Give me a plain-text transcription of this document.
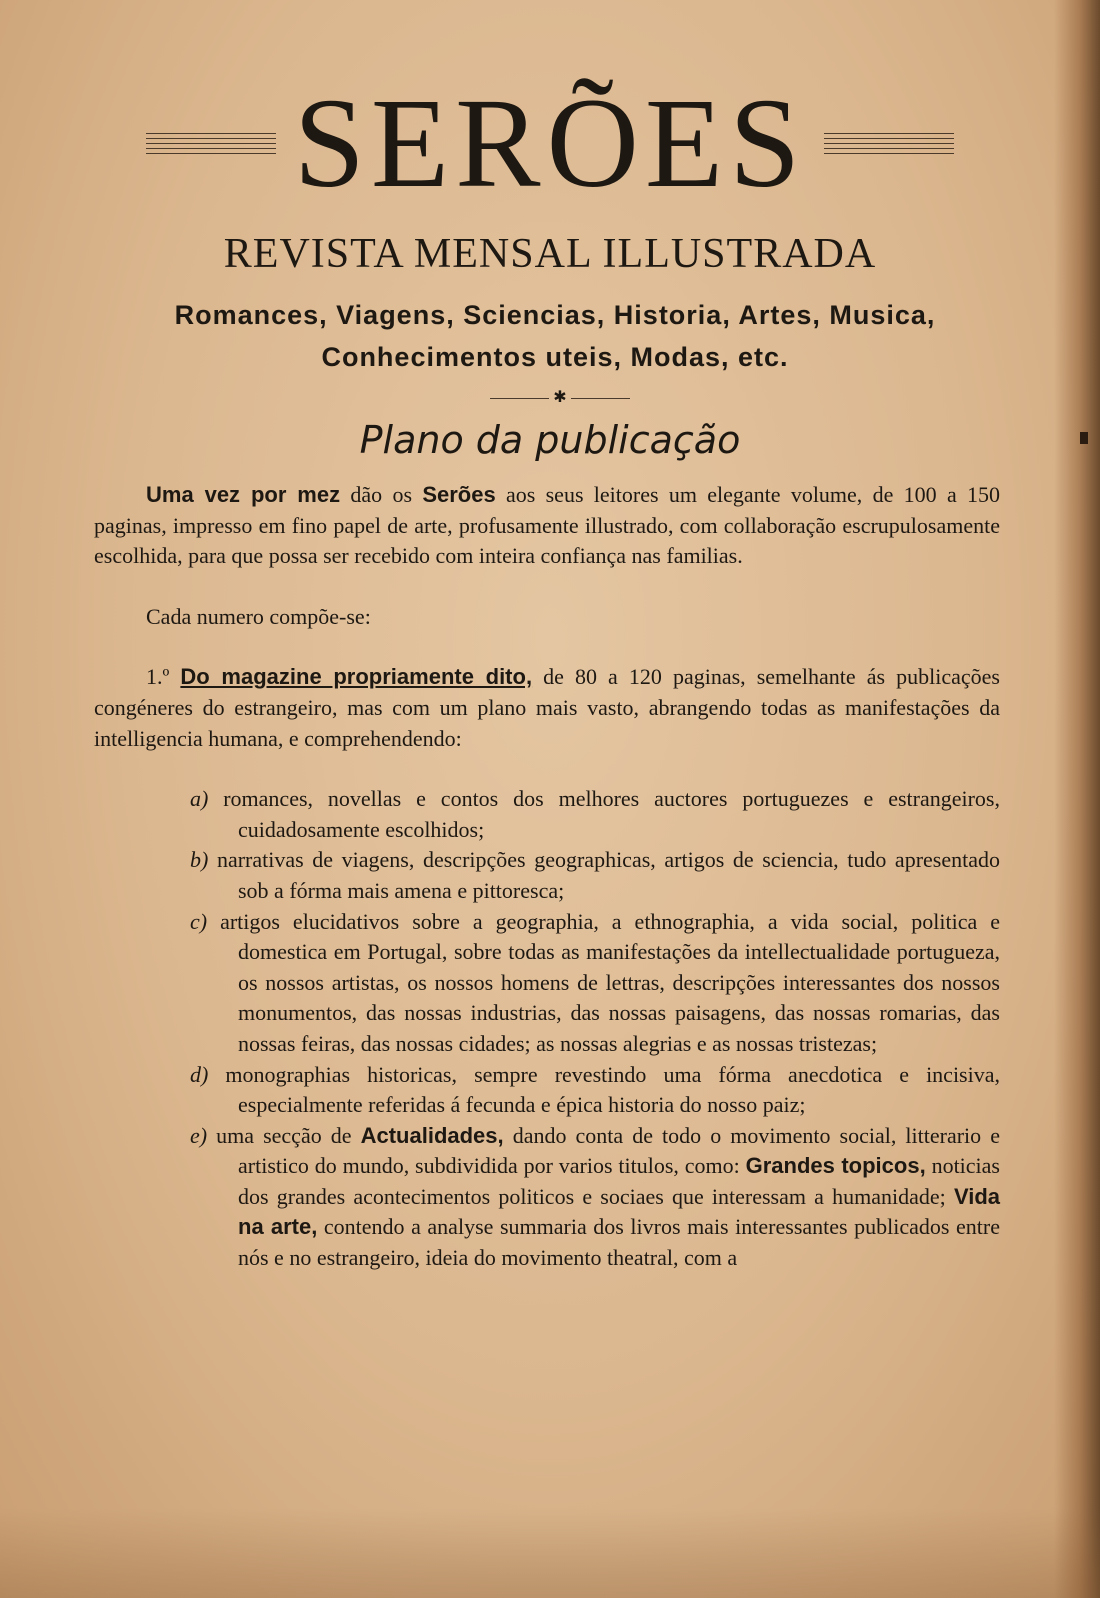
SERÕES
REVISTA MENSAL ILLUSTRADA

Romances, Viagens, Sciencias, Historia, Artes, Musica,
Conhecimentos uteis, Modas, etc.

✱
Plano da publicação

Uma vez por mez dão os Serões aos seus leitores um elegante volume, de 100 a 150 paginas, impresso em fino papel de arte, profusamente illustrado, com collaboração escrupulosamente escolhida, para que possa ser recebido com inteira confiança nas familias.

Cada numero compõe-se:

1.º Do magazine propriamente dito, de 80 a 120 paginas, semelhante ás publicações congéneres do estrangeiro, mas com um plano mais vasto, abrangendo todas as manifestações da intelligencia humana, e comprehendendo:

a) romances, novellas e contos dos melhores auctores portuguezes e estrangeiros, cuidadosamente escolhidos;

b) narrativas de viagens, descripções geographicas, artigos de sciencia, tudo apresentado sob a fórma mais amena e pittoresca;

c) artigos elucidativos sobre a geographia, a ethnographia, a vida social, politica e domestica em Portugal, sobre todas as manifestações da intellectualidade portugueza, os nossos artistas, os nossos homens de lettras, descripções interessantes dos nossos monumentos, das nossas industrias, das nossas paisagens, das nossas romarias, das nossas feiras, das nossas cidades; as nossas alegrias e as nossas tristezas;

d) monographias historicas, sempre revestindo uma fórma anecdotica e incisiva, especialmente referidas á fecunda e épica historia do nosso paiz;

e) uma secção de Actualidades, dando conta de todo o movimento social, litterario e artistico do mundo, subdividida por varios titulos, como: Grandes topicos, noticias dos grandes acontecimentos politicos e sociaes que interessam a humanidade; Vida na arte, contendo a analyse summaria dos livros mais interessantes publicados entre nós e no estrangeiro, ideia do movimento theatral, com a
